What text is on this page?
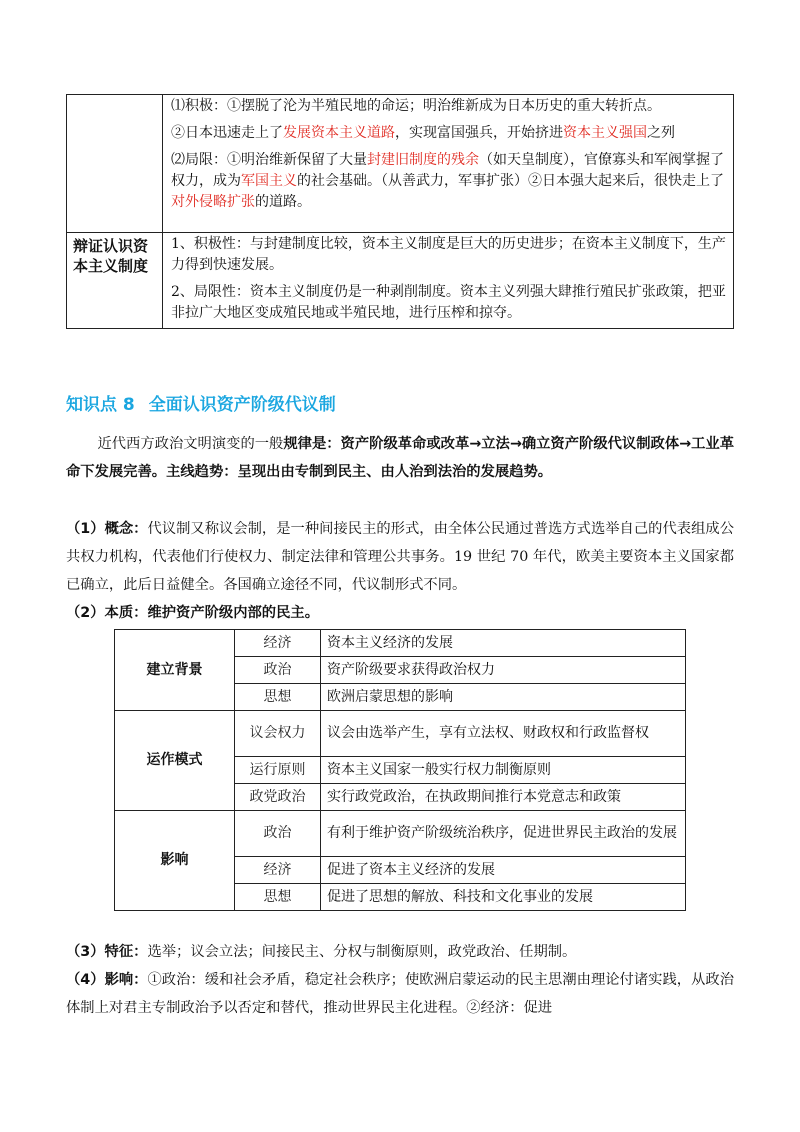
	⑴积极：①摆脱了沦为半殖民地的命运；明治维新成为日本历史的重大转折点。

②日本迅速走上了发展资本主义道路，实现富国强兵，开始挤进资本主义强国之列

⑵局限：①明治维新保留了大量封建旧制度的残余（如天皇制度），官僚寡头和军阀掌握了权力，成为军国主义的社会基础。（从善武力，军事扩张）②日本强大起来后，很快走上了对外侵略扩张的道路。

辩证认识资本主义制度	1、积极性：与封建制度比较，资本主义制度是巨大的历史进步；在资本主义制度下，生产力得到快速发展。

2、局限性：资本主义制度仍是一种剥削制度。资本主义列强大肆推行殖民扩张政策，把亚非拉广大地区变成殖民地或半殖民地，进行压榨和掠夺。

知识点 8 全面认识资产阶级代议制

近代西方政治文明演变的一般规律是：资产阶级革命或改革→立法→确立资产阶级代议制政体→工业革命下发展完善。主线趋势：呈现出由专制到民主、由人治到法治的发展趋势。

（1）概念：代议制又称议会制，是一种间接民主的形式，由全体公民通过普选方式选举自己的代表组成公共权力机构，代表他们行使权力、制定法律和管理公共事务。19 世纪 70 年代，欧美主要资本主义国家都已确立，此后日益健全。各国确立途径不同，代议制形式不同。

（2）本质：维护资产阶级内部的民主。

建立背景	经济	资本主义经济的发展
	政治	资产阶级要求获得政治权力
	思想	欧洲启蒙思想的影响
运作模式	议会权力	议会由选举产生，享有立法权、财政权和行政监督权
	运行原则	资本主义国家一般实行权力制衡原则
	政党政治	实行政党政治，在执政期间推行本党意志和政策
影响	政治	有利于维护资产阶级统治秩序，促进世界民主政治的发展
	经济	促进了资本主义经济的发展
	思想	促进了思想的解放、科技和文化事业的发展

（3）特征：选举；议会立法；间接民主、分权与制衡原则，政党政治、任期制。

（4）影响：①政治：缓和社会矛盾，稳定社会秩序；使欧洲启蒙运动的民主思潮由理论付诸实践，从政治体制上对君主专制政治予以否定和替代，推动世界民主化进程。②经济：促进
